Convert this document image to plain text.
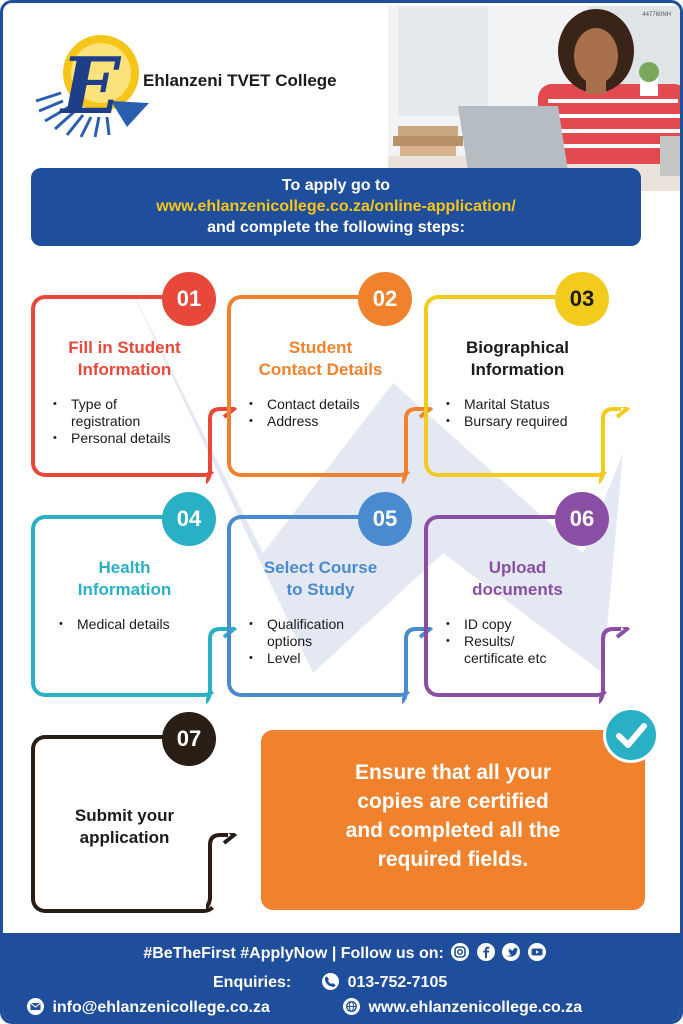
E Ehlanzeni TVET College
447760NH
To apply go to
www.ehlanzenicollege.co.za/online-application/
and complete the following steps:
01
Fill in Student
Information
• Type of registration
• Personal details
02
Student
Contact Details
• Contact details
• Address
03
Biographical
Information
• Marital Status
• Bursary required
04
Health
Information
• Medical details
05
Select Course
to Study
• Qualification options
• Level
06
Upload
documents
• ID copy
• Results/ certificate etc
07
Submit your
application
Ensure that all your
copies are certified
and completed all the
required fields.
#BeTheFirst #ApplyNow | Follow us on:
Enquiries:	013-752-7105
info@ehlanzenicollege.co.za	www.ehlanzenicollege.co.za
